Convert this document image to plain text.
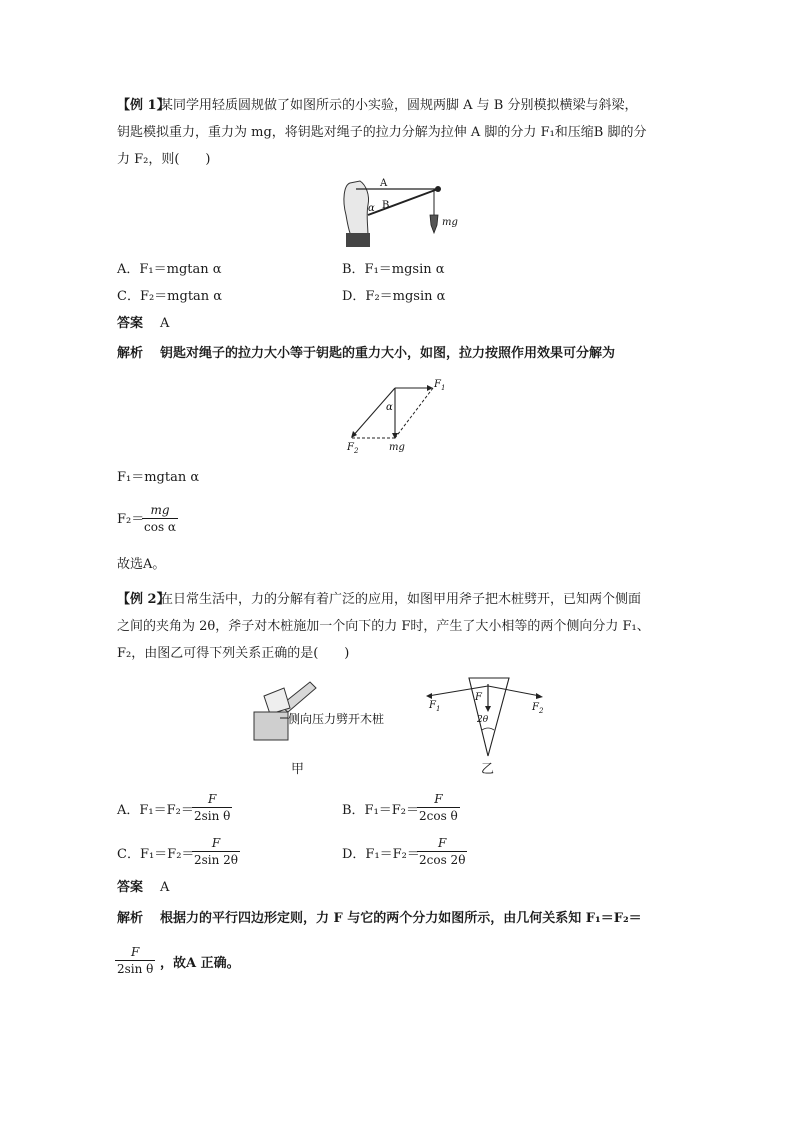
【例 1】
某同学用轻质圆规做了如图所示的小实验，圆规两脚 A 与 B 分别模拟横梁与斜梁，
钥匙模拟重力，重力为 mg，将钥匙对绳子的拉力分解为拉伸 A 脚的分力 F₁和压缩B 脚的分
力 F₂，则(　　)
A
B
α
mg
A．F₁＝mgtan α	B．F₁＝mgsin α
C．F₂＝mgtan α	D．F₂＝mgsin α
答案 A
解析 钥匙对绳子的拉力大小等于钥匙的重力大小，如图，拉力按照作用效果可分解为
$F_1$
α
$F_2$	mg
F₁＝mgtan α
F₂＝
$\frac{mg}{\text{cos α}}$
故选A。
【例 2】
在日常生活中，力的分解有着广泛的应用，如图甲用斧子把木桩劈开，已知两个侧面
之间的夹角为 2θ，斧子对木桩施加一个向下的力 F时，产生了大小相等的两个侧向分力 F₁、
F₂，由图乙可得下列关系正确的是(　　)
侧向压力劈开木桩
甲
F
2θ
$F_1$	$F_2$
乙
A．F₁＝F₂＝
$\frac{F}{\text{2sin θ}}$	B．F₁＝F₂＝
$\frac{F}{\text{2cos θ}}$
C．F₁＝F₂＝
$\frac{F}{2\sin 2\theta}$	D．F₁＝F₂＝
$\frac{F}{2\cos 2\theta}$
答案 A
解析 根据力的平行四边形定则，力 F 与它的两个分力如图所示，由几何关系知 F₁＝F₂＝
$\frac{F}{\text{2sin θ}}$ ，故A 正确。
